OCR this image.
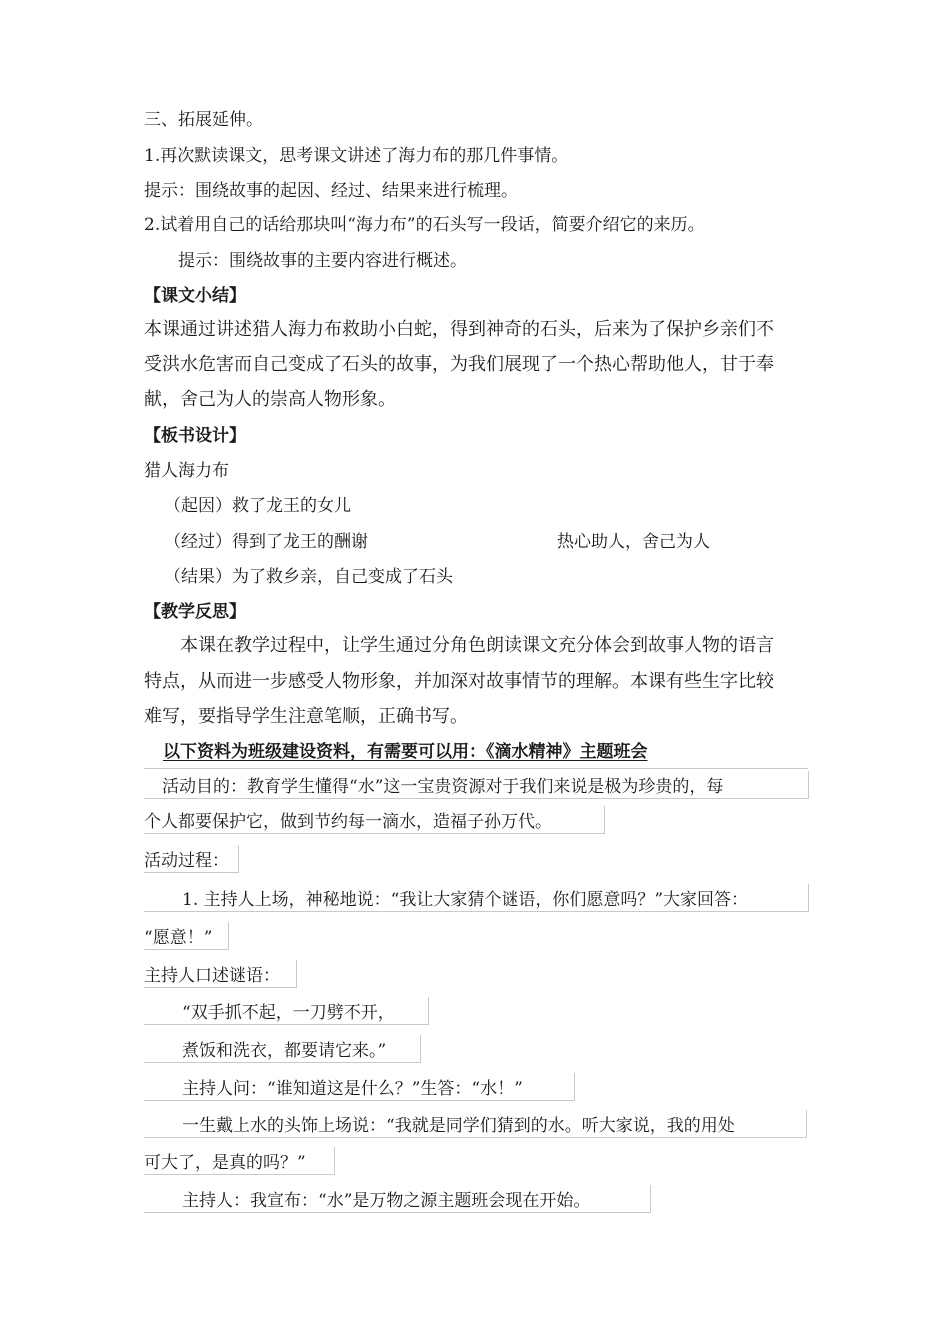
三、拓展延伸。
1.再次默读课文，思考课文讲述了海力布的那几件事情。
提示：围绕故事的起因、经过、结果来进行梳理。
2.试着用自己的话给那块叫“海力布”的石头写一段话，简要介绍它的来历。
提示：围绕故事的主要内容进行概述。
【课文小结】
本课通过讲述猎人海力布救助小白蛇，得到神奇的石头，后来为了保护乡亲们不
受洪水危害而自己变成了石头的故事，为我们展现了一个热心帮助他人，甘于奉
献，舍己为人的崇高人物形象。
【板书设计】
猎人海力布
（起因）救了龙王的女儿
（经过）得到了龙王的酬谢	热心助人，舍己为人
（结果）为了救乡亲，自己变成了石头
【教学反思】
本课在教学过程中，让学生通过分角色朗读课文充分体会到故事人物的语言
特点，从而进一步感受人物形象，并加深对故事情节的理解。本课有些生字比较
难写，要指导学生注意笔顺，正确书写。
以下资料为班级建设资料，有需要可以用：《滴水精神》主题班会
活动目的：教育学生懂得“水”这一宝贵资源对于我们来说是极为珍贵的，每
个人都要保护它，做到节约每一滴水，造福子孙万代。
活动过程：
1. 主持人上场，神秘地说：“我让大家猜个谜语，你们愿意吗？”大家回答：
“愿意！”
主持人口述谜语：
“双手抓不起，一刀劈不开，
煮饭和洗衣，都要请它来。”
主持人问：“谁知道这是什么？”生答：“水！”
一生戴上水的头饰上场说：“我就是同学们猜到的水。听大家说，我的用处
可大了，是真的吗？”
主持人：我宣布：“水”是万物之源主题班会现在开始。
